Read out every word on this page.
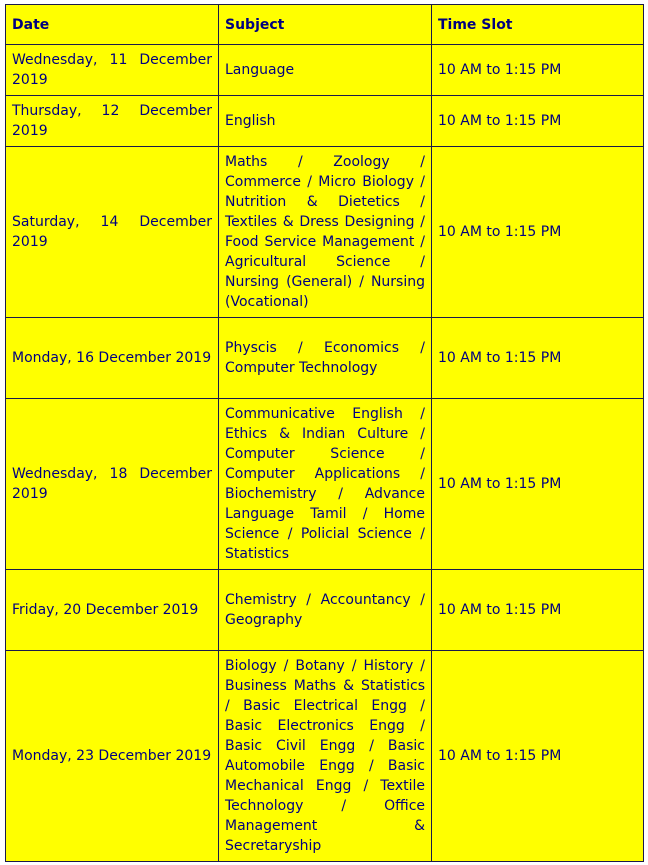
Date	Subject	Time Slot
Wednesday, 11 December 2019	Language	10 AM to 1:15 PM
Thursday, 12 December 2019	English	10 AM to 1:15 PM
Saturday, 14 December 2019	Maths / Zoology / Commerce / Micro Biology / Nutrition & Dietetics / Textiles & Dress Designing / Food Service Management / Agricultural Science / Nursing (General) / Nursing (Vocational)	10 AM to 1:15 PM
Monday, 16 December 2019	Physcis / Economics / Computer Technology	10 AM to 1:15 PM
Wednesday, 18 December 2019	Communicative English / Ethics & Indian Culture / Computer Science / Computer Applications / Biochemistry / Advance Language Tamil / Home Science / Policial Science / Statistics	10 AM to 1:15 PM
Friday, 20 December 2019	Chemistry / Accountancy / Geography	10 AM to 1:15 PM
Monday, 23 December 2019	Biology / Botany / History / Business Maths & Statistics / Basic Electrical Engg / Basic Electronics Engg / Basic Civil Engg / Basic Automobile Engg / Basic Mechanical Engg / Textile Technology / Office Management & Secretaryship	10 AM to 1:15 PM
